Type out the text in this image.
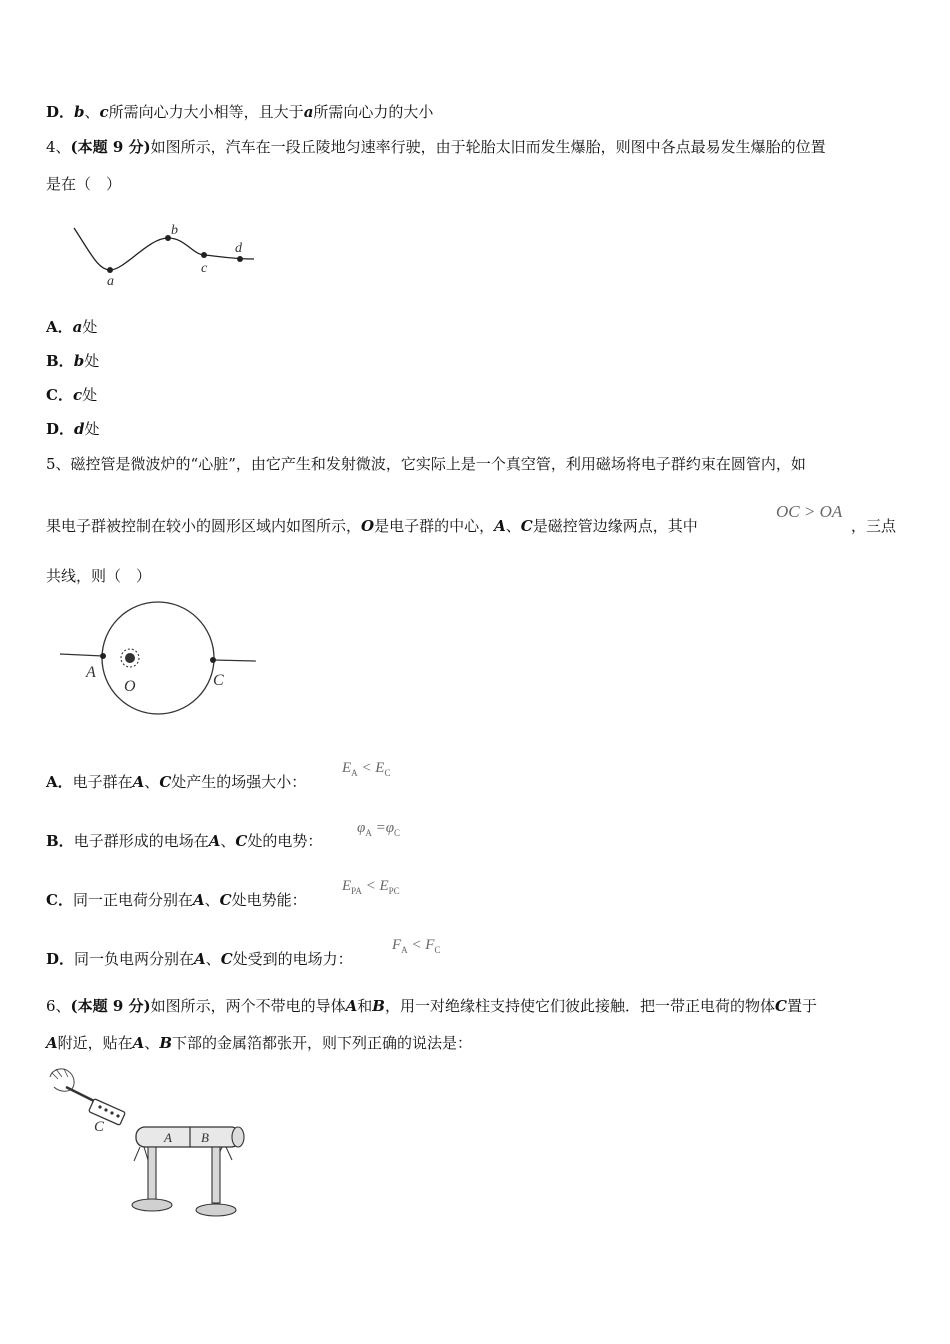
D．b、c所需向心力大小相等，且大于a所需向心力的大小
4、(本题 9 分)如图所示，汽车在一段丘陵地匀速率行驶，由于轮胎太旧而发生爆胎，则图中各点最易发生爆胎的位置
是在（　）
a
b
c
d
A．a处
B．b处
C．c处
D．d处
5、磁控管是微波炉的“心脏”，由它产生和发射微波，它实际上是一个真空管，利用磁场将电子群约束在圆管内，如
果电子群被控制在较小的圆形区域内如图所示，O是电子群的中心，A、C是磁控管边缘两点，其中
OC > OA
，三点
共线，则（　）
A
O	C
A．电子群在A、C处产生的场强大小：
$E_A < E_C$
B．电子群形成的电场在A、C处的电势：
$\varphi_A =\varphi_C$
C．同一正电荷分别在A、C处电势能：
$E_{PA} < E_{PC}$
D．同一负电两分别在A、C处受到的电场力：
$F_A < F_C$
6、(本题 9 分)如图所示，两个不带电的导体A和B，用一对绝缘柱支持使它们彼此接触．把一带正电荷的物体C置于
A附近，贴在A、B下部的金属箔都张开，则下列正确的说法是：
C
A B
